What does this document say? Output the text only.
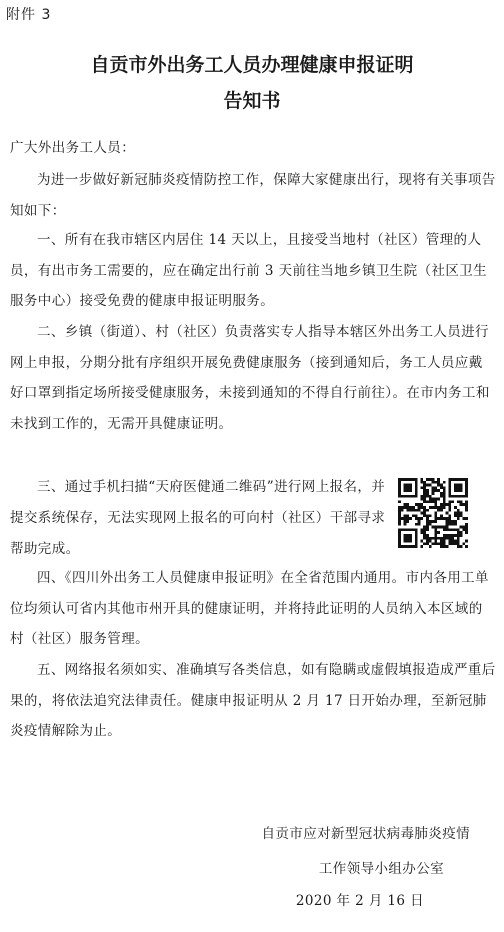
附件 3
自贡市外出务工人员办理健康申报证明
告知书

广大外出务工人员：

为进一步做好新冠肺炎疫情防控工作，保障大家健康出行，现将有关事项告知如下：

一、所有在我市辖区内居住 14 天以上，且接受当地村（社区）管理的人员，有出市务工需要的，应在确定出行前 3 天前往当地乡镇卫生院（社区卫生服务中心）接受免费的健康申报证明服务。

二、乡镇（街道）、村（社区）负责落实专人指导本辖区外出务工人员进行网上申报，分期分批有序组织开展免费健康服务（接到通知后，务工人员应戴好口罩到指定场所接受健康服务，未接到通知的不得自行前往）。在市内务工和未找到工作的，无需开具健康证明。

三、通过手机扫描“天府医健通二维码”进行网上报名，并提交系统保存，无法实现网上报名的可向村（社区）干部寻求帮助完成。

四、《四川外出务工人员健康申报证明》在全省范围内通用。市内各用工单位均须认可省内其他市州开具的健康证明，并将持此证明的人员纳入本区域的村（社区）服务管理。

五、网络报名须如实、准确填写各类信息，如有隐瞒或虚假填报造成严重后果的，将依法追究法律责任。健康申报证明从 2 月 17 日开始办理，至新冠肺炎疫情解除为止。

自贡市应对新型冠状病毒肺炎疫情

工作领导小组办公室

2020 年 2 月 16 日
